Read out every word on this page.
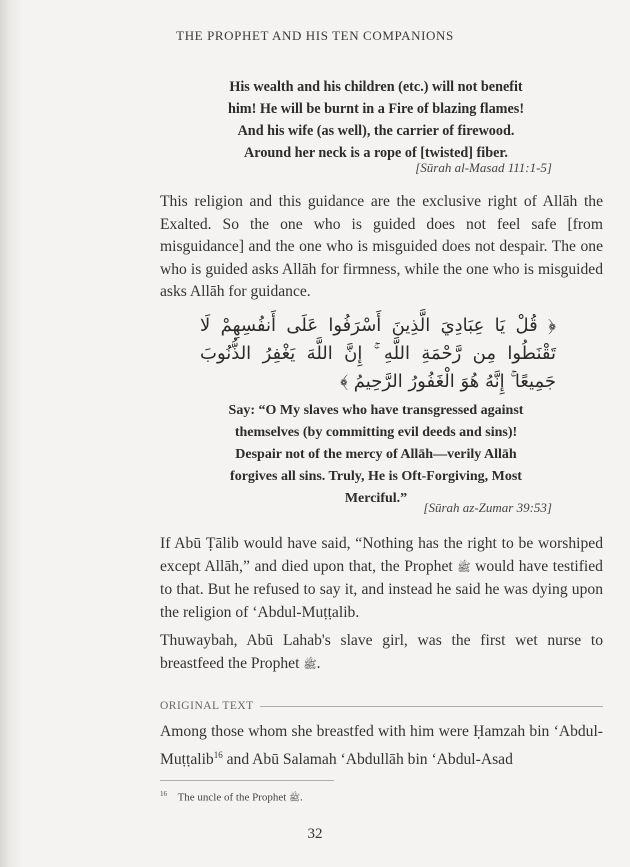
THE PROPHET AND HIS TEN COMPANIONS
His wealth and his children (etc.) will not benefit
him! He will be burnt in a Fire of blazing flames!
And his wife (as well), the carrier of firewood.
Around her neck is a rope of [twisted] fiber.
[Sūrah al-Masad 111:1-5]
This religion and this guidance are the exclusive right of Allāh the Exalted. So the one who is guided does not feel safe [from misguidance] and the one who is misguided does not despair. The one who is guided asks Allāh for firmness, while the one who is misguided asks Allāh for guidance.
﴿ قُلْ يَا عِبَادِيَ الَّذِينَ أَسْرَفُوا عَلَى أَنفُسِهِمْ لَا تَقْنَطُوا مِن رَّحْمَةِ اللَّهِ ۚ إِنَّ اللَّهَ يَغْفِرُ الذُّنُوبَ جَمِيعًا ۚ إِنَّهُ هُوَ الْغَفُورُ الرَّحِيمُ ﴾
Say: “O My slaves who have transgressed against
themselves (by committing evil deeds and sins)!
Despair not of the mercy of Allāh—verily Allāh
forgives all sins. Truly, He is Oft-Forgiving, Most
Merciful.”
[Sūrah az-Zumar 39:53]
If Abū Ṭālib would have said, “Nothing has the right to be worshiped except Allāh,” and died upon that, the Prophet ﷺ would have testified to that. But he refused to say it, and instead he said he was dying upon the religion of ‘Abdul-Muṭṭalib.
Thuwaybah, Abū Lahab's slave girl, was the first wet nurse to breastfeed the Prophet ﷺ.
ORIGINAL TEXT
Among those whom she breastfed with him were Ḥamzah bin ‘Abdul-Muṭṭalib$^{16}$ and Abū Salamah ‘Abdullāh bin ‘Abdul-Asad
$^{16}$ The uncle of the Prophet ﷺ.
32
